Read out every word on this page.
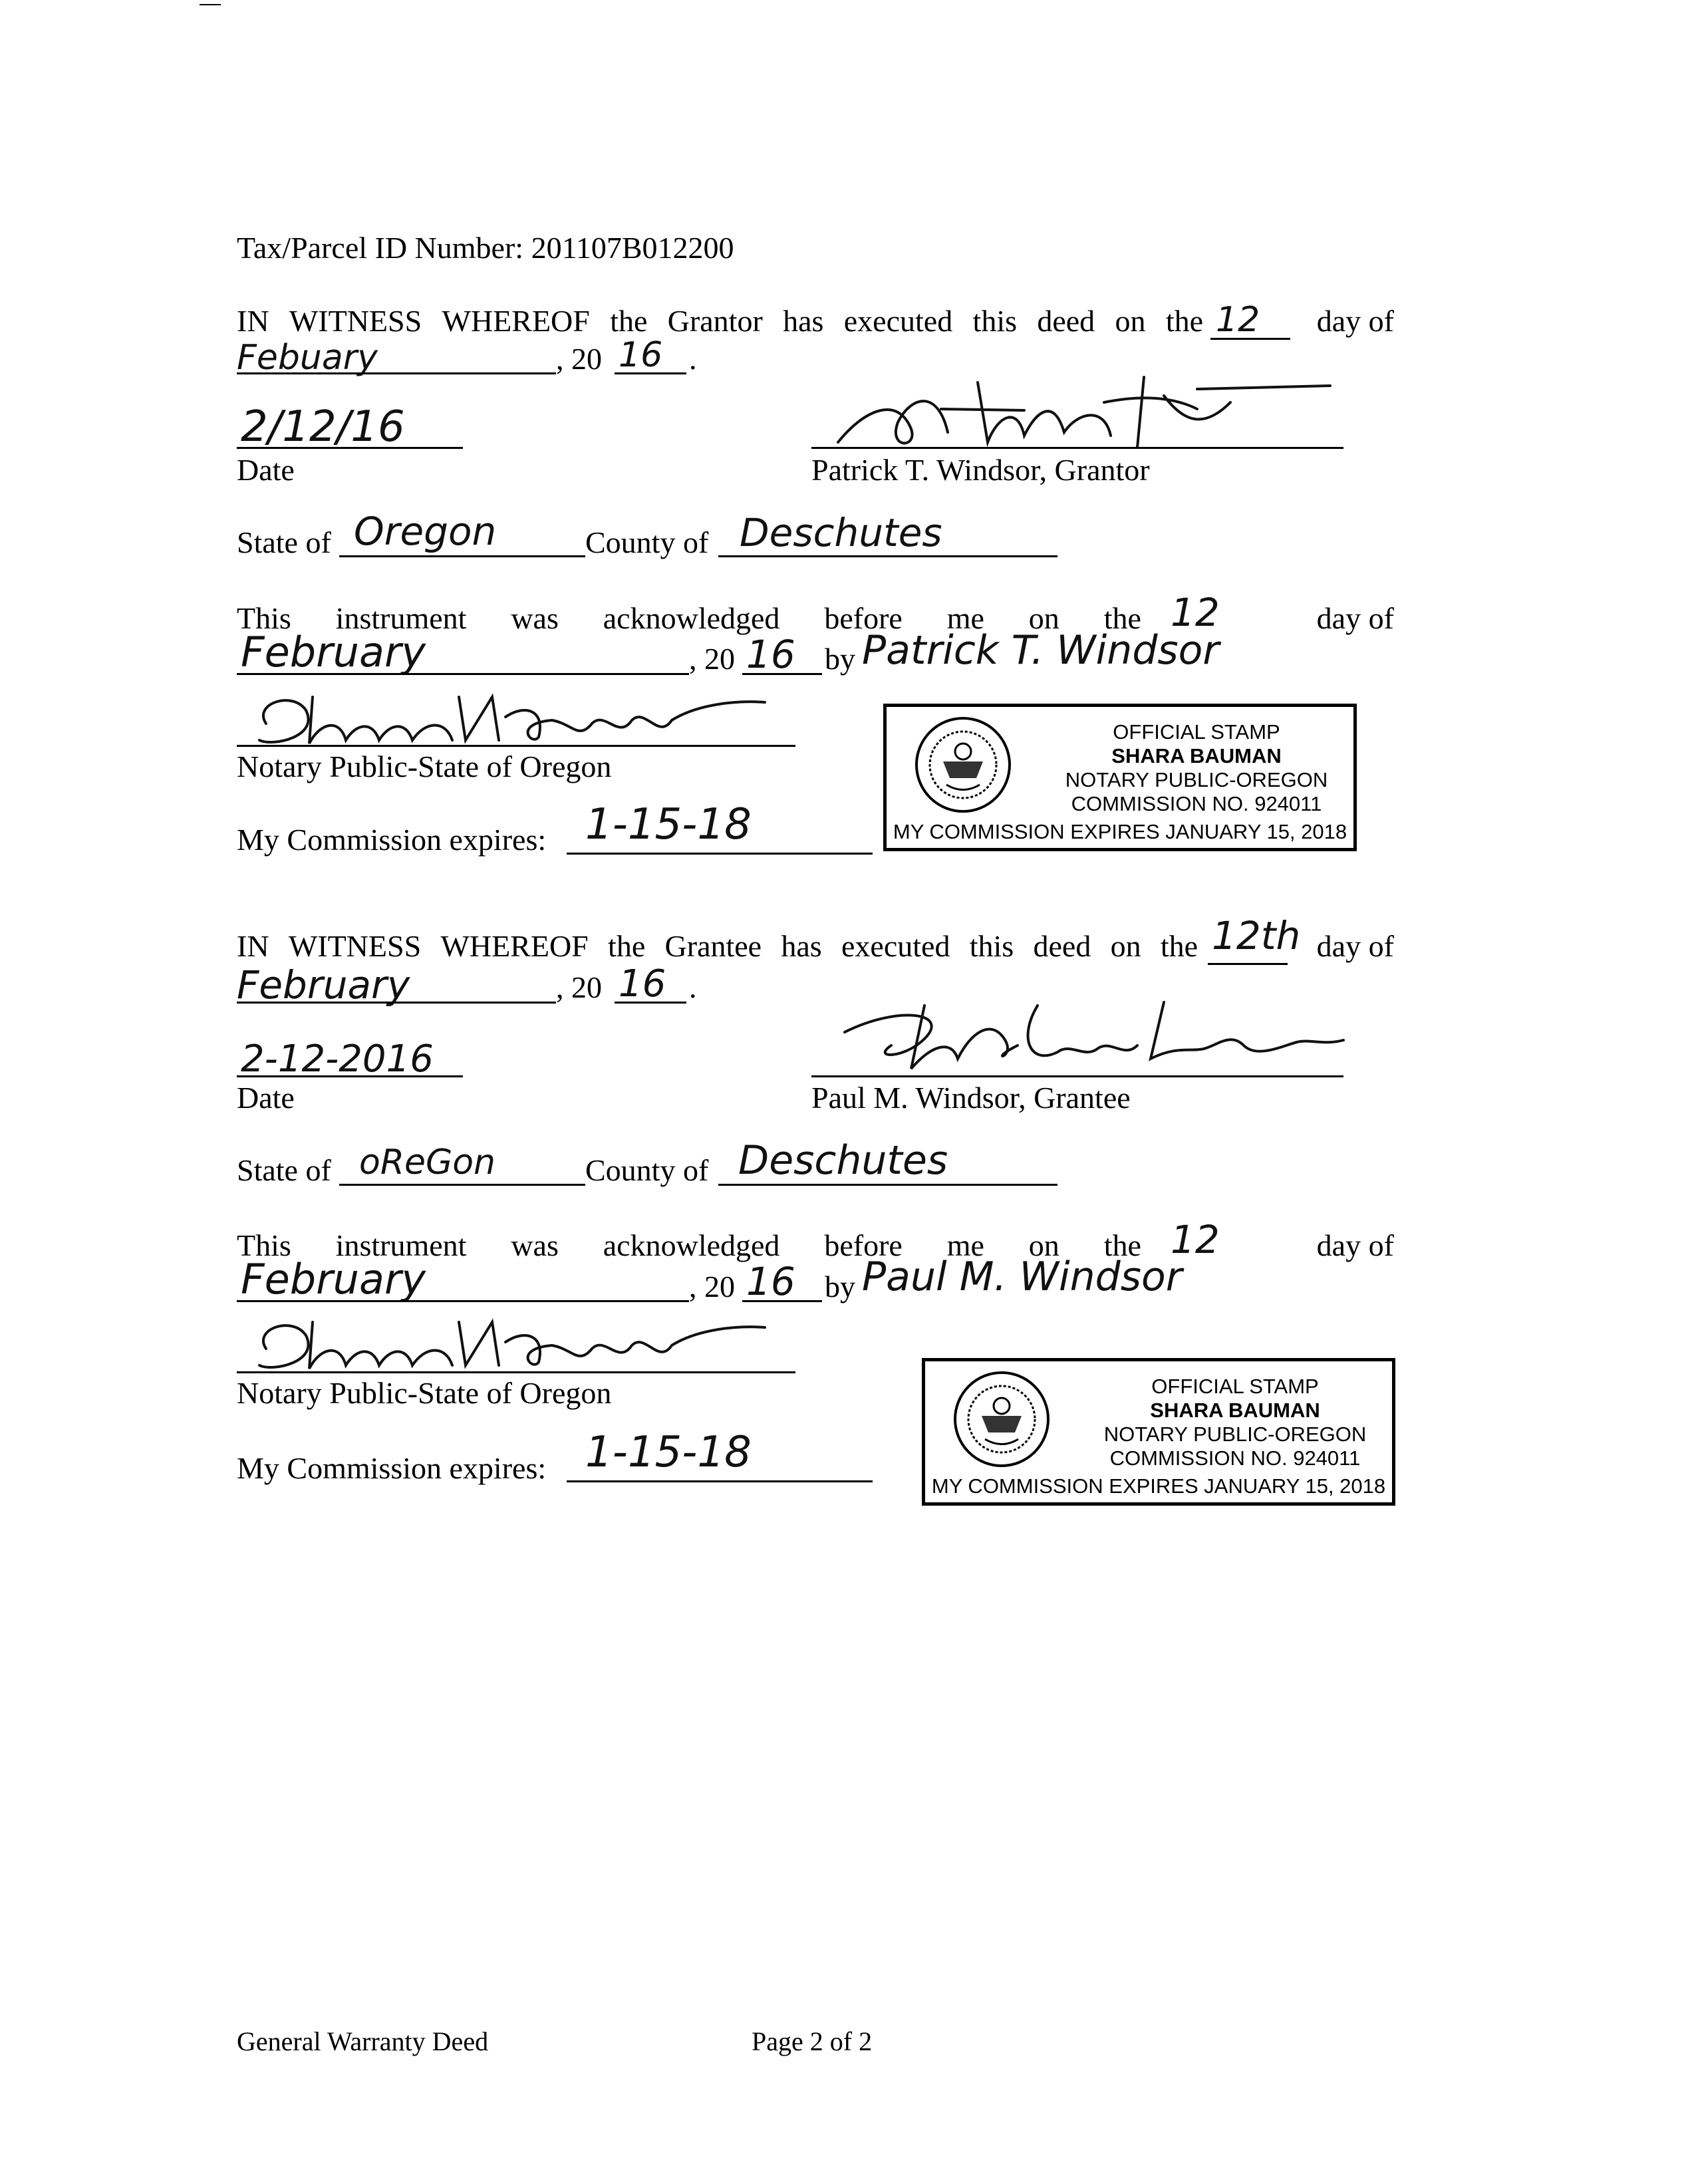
Tax/Parcel ID Number: 201107B012200
IN WITNESS WHEREOF the Grantor has executed this deed on the	day of
12
Febuary	, 20 16 .
2/12/16
Date	Patrick T. Windsor, Grantor
State of Oregon	County of Deschutes
This instrument was acknowledged before me on the	day of
12
February	, 20 16 by Patrick T. Windsor
Notary Public-State of Oregon
My Commission expires: 1-15-18
OFFICIAL STAMP
SHARA BAUMAN
NOTARY PUBLIC-OREGON
COMMISSION NO. 924011
MY COMMISSION EXPIRES JANUARY 15, 2018
IN WITNESS WHEREOF the Grantee has executed this deed on the	day of
12th
February	, 20 16 .
2-12-2016
Date	Paul M. Windsor, Grantee
State of oReGon	County of Deschutes
This instrument was acknowledged before me on the	day of
12
February	, 20 16 by Paul M. Windsor
Notary Public-State of Oregon
My Commission expires: 1-15-18
OFFICIAL STAMP
SHARA BAUMAN
NOTARY PUBLIC-OREGON
COMMISSION NO. 924011
MY COMMISSION EXPIRES JANUARY 15, 2018
General Warranty Deed	Page 2 of 2
